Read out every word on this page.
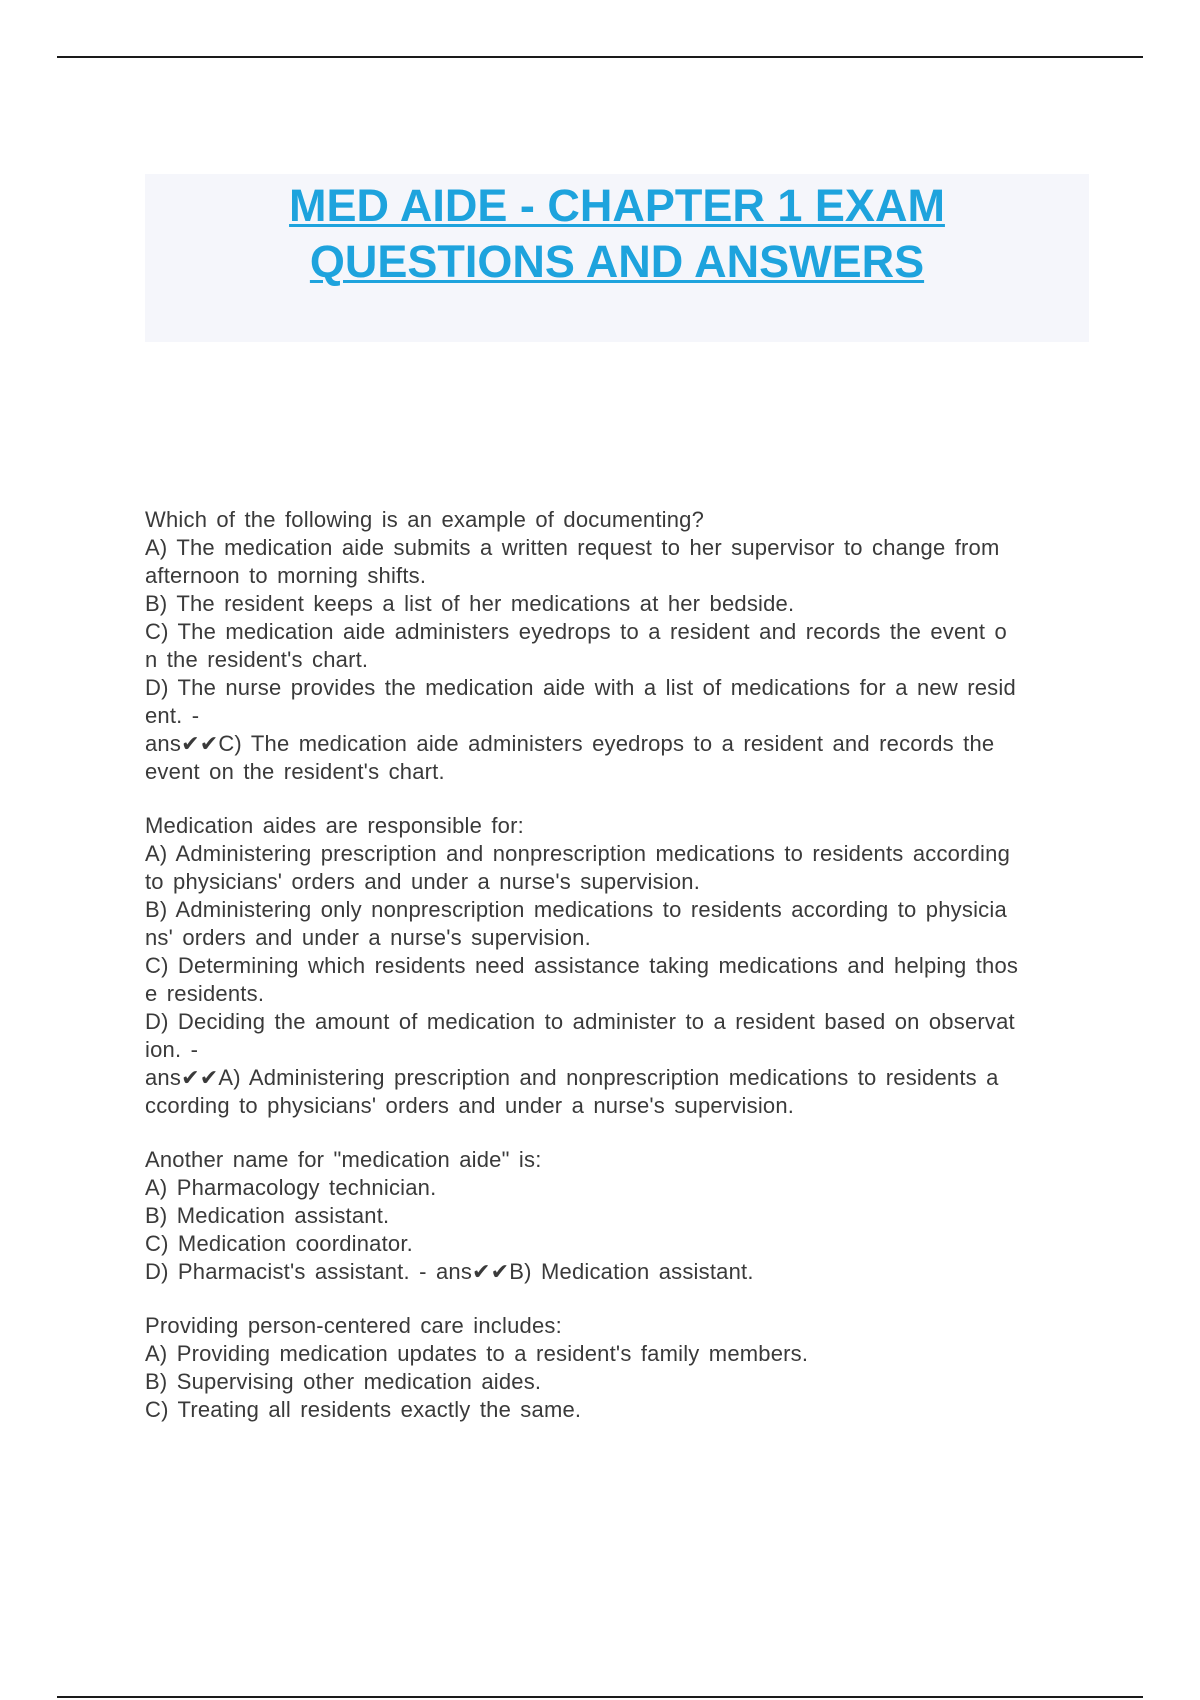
MED AIDE - CHAPTER 1 EXAM
QUESTIONS AND ANSWERS
Which of the following is an example of documenting?
A) The medication aide submits a written request to her supervisor to change from
afternoon to morning shifts.
B) The resident keeps a list of her medications at her bedside.
C) The medication aide administers eyedrops to a resident and records the event o
n the resident's chart.
D) The nurse provides the medication aide with a list of medications for a new resid
ent. -
ans✔✔C) The medication aide administers eyedrops to a resident and records the
event on the resident's chart.
Medication aides are responsible for:
A) Administering prescription and nonprescription medications to residents according
to physicians' orders and under a nurse's supervision.
B) Administering only nonprescription medications to residents according to physicia
ns' orders and under a nurse's supervision.
C) Determining which residents need assistance taking medications and helping thos
e residents.
D) Deciding the amount of medication to administer to a resident based on observat
ion. -
ans✔✔A) Administering prescription and nonprescription medications to residents a
ccording to physicians' orders and under a nurse's supervision.
Another name for "medication aide" is:
A) Pharmacology technician.
B) Medication assistant.
C) Medication coordinator.
D) Pharmacist's assistant. - ans✔✔B) Medication assistant.
Providing person-centered care includes:
A) Providing medication updates to a resident's family members.
B) Supervising other medication aides.
C) Treating all residents exactly the same.
